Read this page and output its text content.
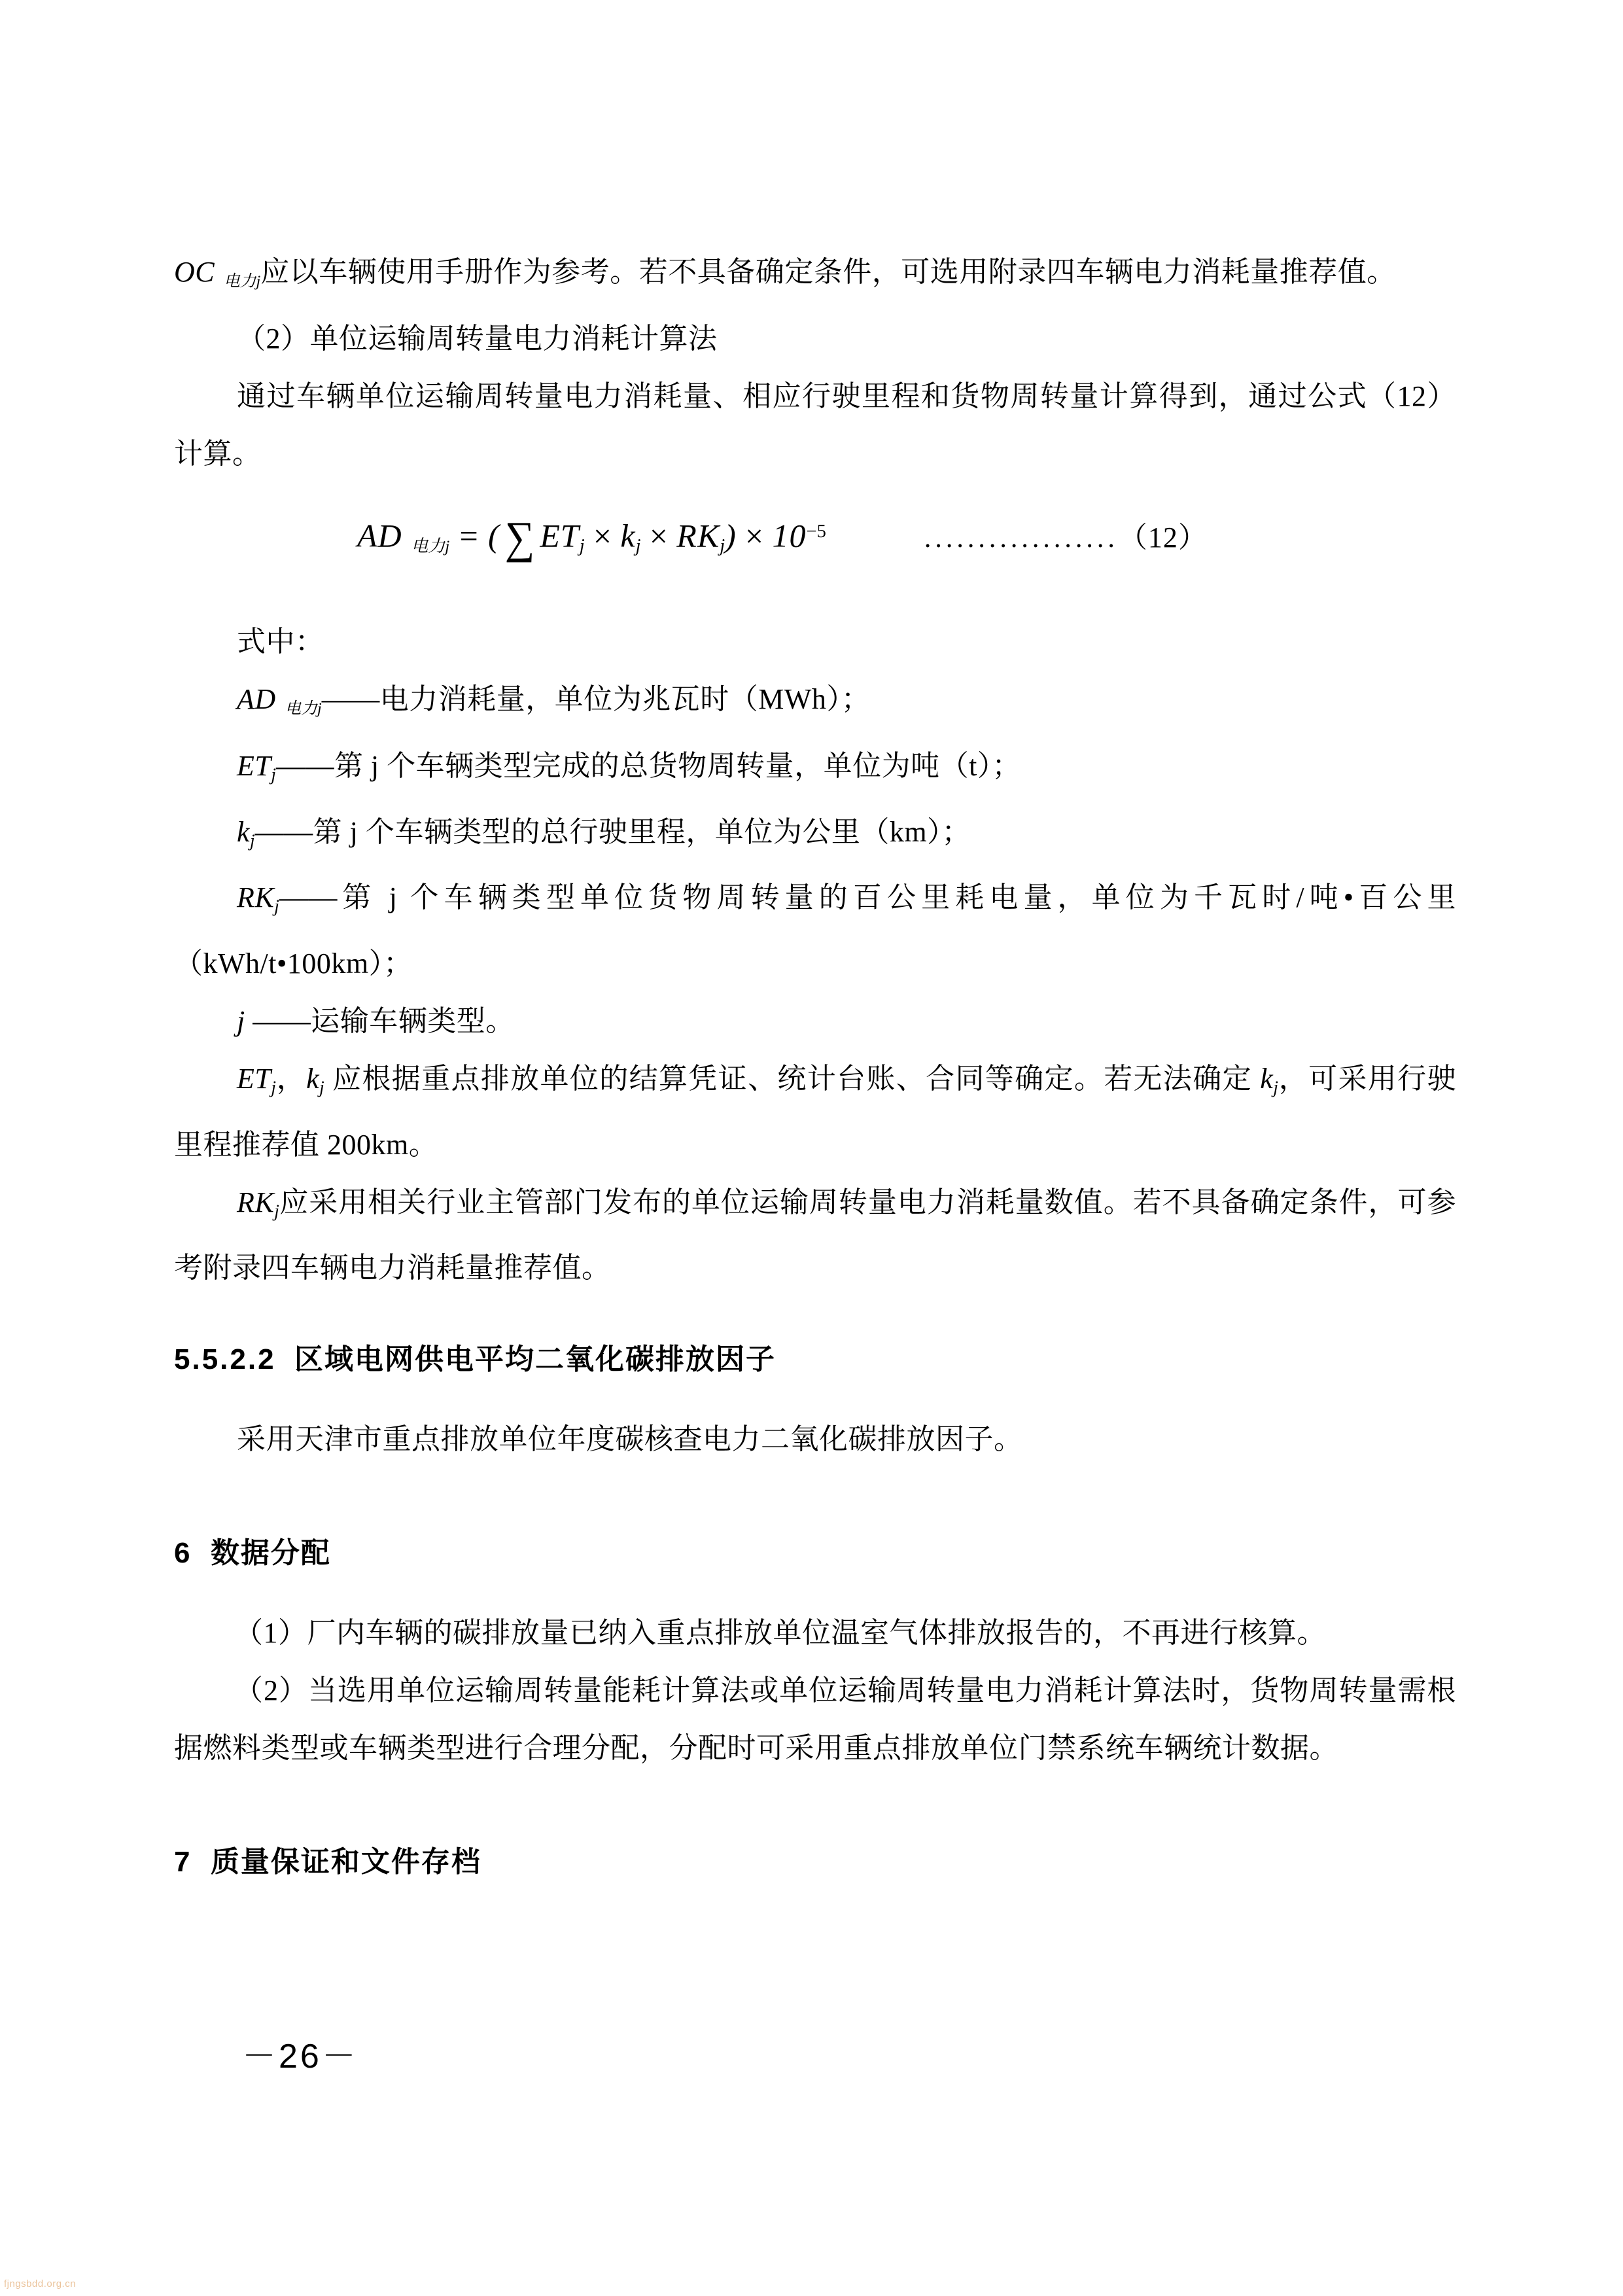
OC 电力j应以车辆使用手册作为参考。若不具备确定条件，可选用附录四车辆电力消耗量推荐值。

（2）单位运输周转量电力消耗计算法

通过车辆单位运输周转量电力消耗量、相应行驶里程和货物周转量计算得到，通过公式（12）计算。

AD 电力j = ( ∑ $ET_j \times k_j \times RK_j) \times 10^{-5}$	..................（12）

式中：

AD 电力j——电力消耗量，单位为兆瓦时（MWh）；

$ET_j——$第 j 个车辆类型完成的总货物周转量，单位为吨（t）；

$k_j——$第 j 个车辆类型的总行驶里程，单位为公里（km）；

$RK_j——$第 j 个车辆类型单位货物周转量的百公里耗电量，单位为千瓦时/吨•百公里（kWh/t•100km）；

j ——运输车辆类型。

$ET_j$，$k_j$ 应根据重点排放单位的结算凭证、统计台账、合同等确定。若无法确定 $k_j$，可采用行驶里程推荐值 200km。

$RK_j$应采用相关行业主管部门发布的单位运输周转量电力消耗量数值。若不具备确定条件，可参考附录四车辆电力消耗量推荐值。

5.5.2.2 区域电网供电平均二氧化碳排放因子

采用天津市重点排放单位年度碳核查电力二氧化碳排放因子。

6 数据分配

（1）厂内车辆的碳排放量已纳入重点排放单位温室气体排放报告的，不再进行核算。

（2）当选用单位运输周转量能耗计算法或单位运输周转量电力消耗计算法时，货物周转量需根据燃料类型或车辆类型进行合理分配，分配时可采用重点排放单位门禁系统车辆统计数据。

7 质量保证和文件存档
－26－
fjngsbdd.org.cn
